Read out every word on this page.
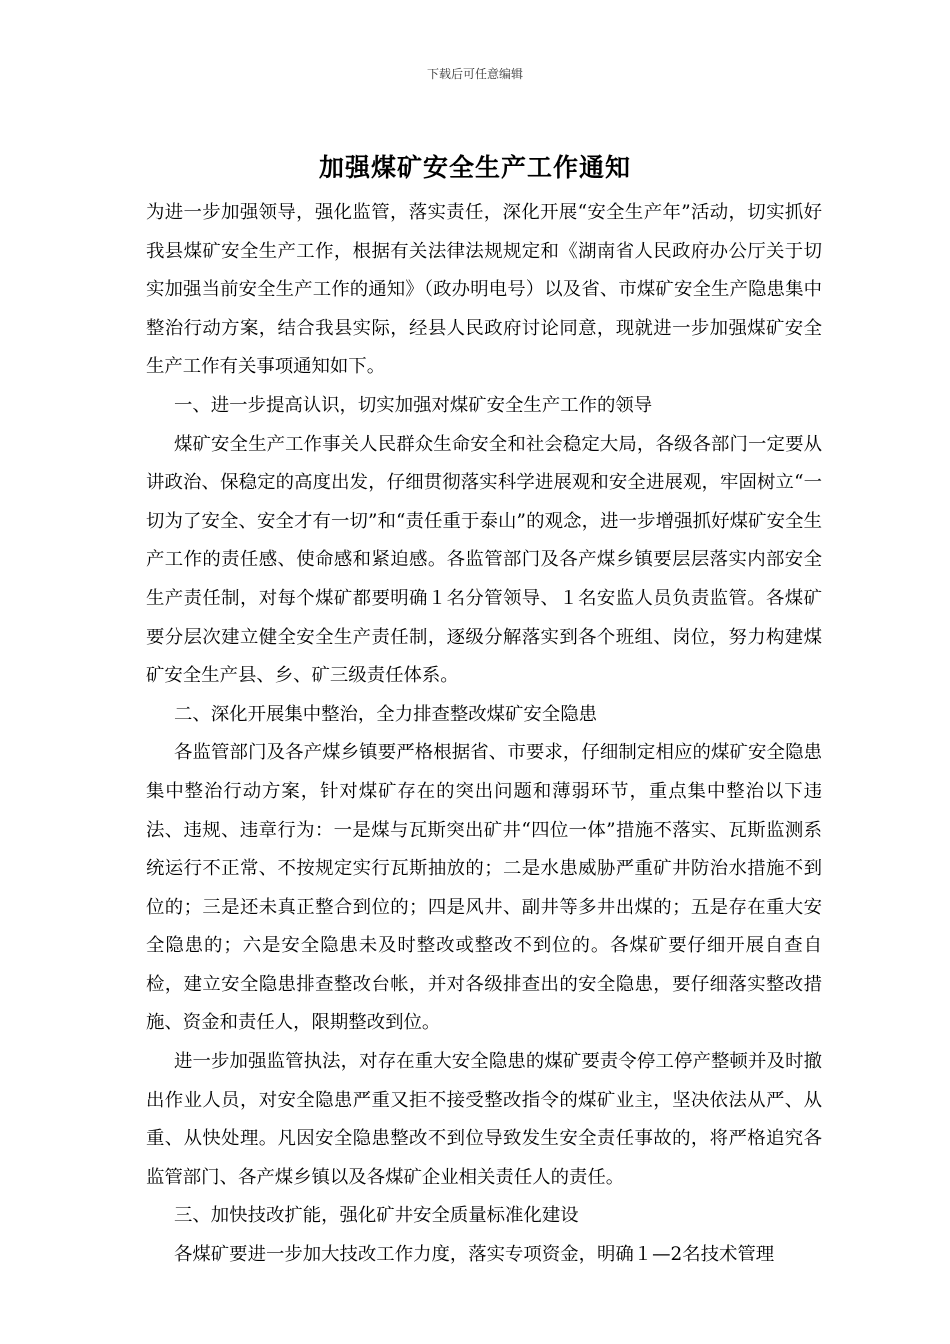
下载后可任意编辑
加强煤矿安全生产工作通知

为进一步加强领导，强化监管，落实责任，深化开展“安全生产年”活动，切实抓好我县煤矿安全生产工作，根据有关法律法规规定和《湖南省人民政府办公厅关于切实加强当前安全生产工作的通知》（政办明电号）以及省、市煤矿安全生产隐患集中整治行动方案，结合我县实际，经县人民政府讨论同意，现就进一步加强煤矿安全生产工作有关事项通知如下。

一、进一步提高认识，切实加强对煤矿安全生产工作的领导

煤矿安全生产工作事关人民群众生命安全和社会稳定大局，各级各部门一定要从讲政治、保稳定的高度出发，仔细贯彻落实科学进展观和安全进展观，牢固树立“一切为了安全、安全才有一切”和“责任重于泰山”的观念，进一步增强抓好煤矿安全生产工作的责任感、使命感和紧迫感。各监管部门及各产煤乡镇要层层落实内部安全生产责任制，对每个煤矿都要明确１名分管领导、１名安监人员负责监管。各煤矿要分层次建立健全安全生产责任制，逐级分解落实到各个班组、岗位，努力构建煤矿安全生产县、乡、矿三级责任体系。

二、深化开展集中整治，全力排查整改煤矿安全隐患

各监管部门及各产煤乡镇要严格根据省、市要求，仔细制定相应的煤矿安全隐患集中整治行动方案，针对煤矿存在的突出问题和薄弱环节，重点集中整治以下违法、违规、违章行为：一是煤与瓦斯突出矿井“四位一体”措施不落实、瓦斯监测系统运行不正常、不按规定实行瓦斯抽放的；二是水患威胁严重矿井防治水措施不到位的；三是还未真正整合到位的；四是风井、副井等多井出煤的；五是存在重大安全隐患的；六是安全隐患未及时整改或整改不到位的。各煤矿要仔细开展自查自检，建立安全隐患排查整改台帐，并对各级排查出的安全隐患，要仔细落实整改措施、资金和责任人，限期整改到位。

进一步加强监管执法，对存在重大安全隐患的煤矿要责令停工停产整顿并及时撤出作业人员，对安全隐患严重又拒不接受整改指令的煤矿业主，坚决依法从严、从重、从快处理。凡因安全隐患整改不到位导致发生安全责任事故的，将严格追究各监管部门、各产煤乡镇以及各煤矿企业相关责任人的责任。

三、加快技改扩能，强化矿井安全质量标准化建设

各煤矿要进一步加大技改工作力度，落实专项资金，明确１—2名技术管理
